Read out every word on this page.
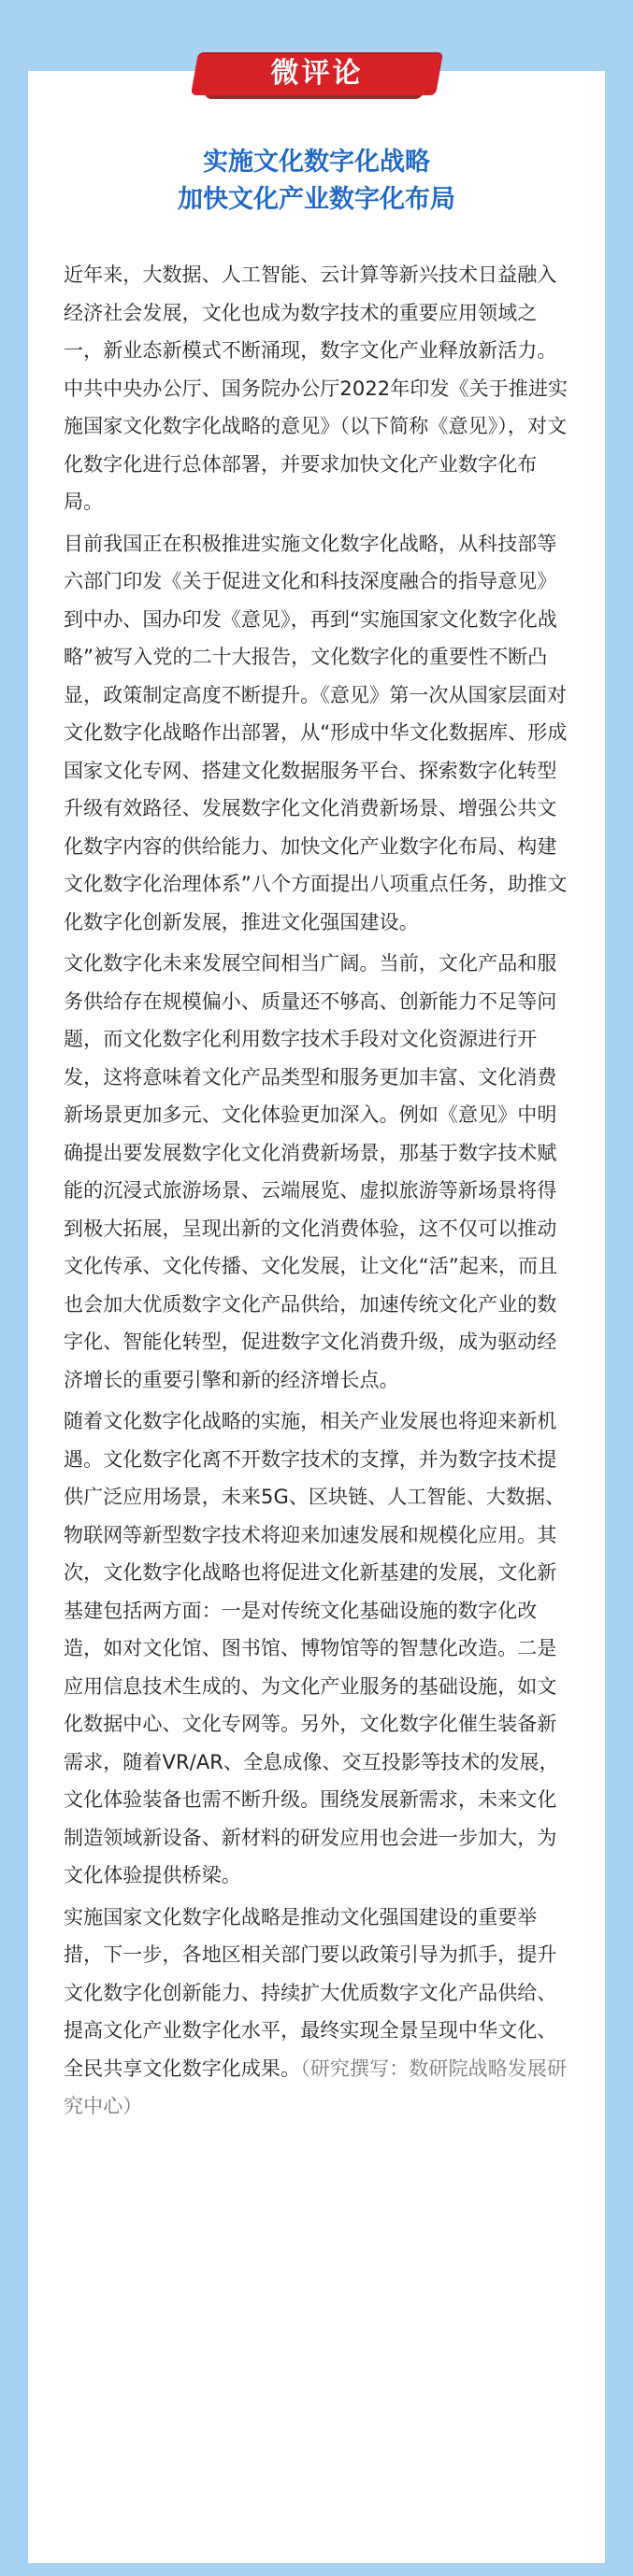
实施文化数字化战略
加快文化产业数字化布局

近年来，大数据、人工智能、云计算等新兴技术日益融入经济社会发展，文化也成为数字技术的重要应用领域之一，新业态新模式不断涌现，数字文化产业释放新活力。中共中央办公厅、国务院办公厅2022年印发《关于推进实施国家文化数字化战略的意见》（以下简称《意见》），对文化数字化进行总体部署，并要求加快文化产业数字化布局。

目前我国正在积极推进实施文化数字化战略，从科技部等六部门印发《关于促进文化和科技深度融合的指导意见》到中办、国办印发《意见》，再到“实施国家文化数字化战略”被写入党的二十大报告，文化数字化的重要性不断凸显，政策制定高度不断提升。《意见》第一次从国家层面对文化数字化战略作出部署，从“形成中华文化数据库、形成国家文化专网、搭建文化数据服务平台、探索数字化转型升级有效路径、发展数字化文化消费新场景、增强公共文化数字内容的供给能力、加快文化产业数字化布局、构建文化数字化治理体系”八个方面提出八项重点任务，助推文化数字化创新发展，推进文化强国建设。

文化数字化未来发展空间相当广阔。当前，文化产品和服务供给存在规模偏小、质量还不够高、创新能力不足等问题，而文化数字化利用数字技术手段对文化资源进行开发，这将意味着文化产品类型和服务更加丰富、文化消费新场景更加多元、文化体验更加深入。例如《意见》中明确提出要发展数字化文化消费新场景，那基于数字技术赋能的沉浸式旅游场景、云端展览、虚拟旅游等新场景将得到极大拓展，呈现出新的文化消费体验，这不仅可以推动文化传承、文化传播、文化发展，让文化“活”起来，而且也会加大优质数字文化产品供给，加速传统文化产业的数字化、智能化转型，促进数字文化消费升级，成为驱动经济增长的重要引擎和新的经济增长点。

随着文化数字化战略的实施，相关产业发展也将迎来新机遇。文化数字化离不开数字技术的支撑，并为数字技术提供广泛应用场景，未来5G、区块链、人工智能、大数据、物联网等新型数字技术将迎来加速发展和规模化应用。其次，文化数字化战略也将促进文化新基建的发展，文化新基建包括两方面：一是对传统文化基础设施的数字化改造，如对文化馆、图书馆、博物馆等的智慧化改造。二是应用信息技术生成的、为文化产业服务的基础设施，如文化数据中心、文化专网等。另外，文化数字化催生装备新需求，随着VR/AR、全息成像、交互投影等技术的发展，文化体验装备也需不断升级。围绕发展新需求，未来文化制造领域新设备、新材料的研发应用也会进一步加大，为文化体验提供桥梁。

实施国家文化数字化战略是推动文化强国建设的重要举措，下一步，各地区相关部门要以政策引导为抓手，提升文化数字化创新能力、持续扩大优质数字文化产品供给、提高文化产业数字化水平，最终实现全景呈现中华文化、全民共享文化数字化成果。（研究撰写：数研院战略发展研究中心）

微评论
